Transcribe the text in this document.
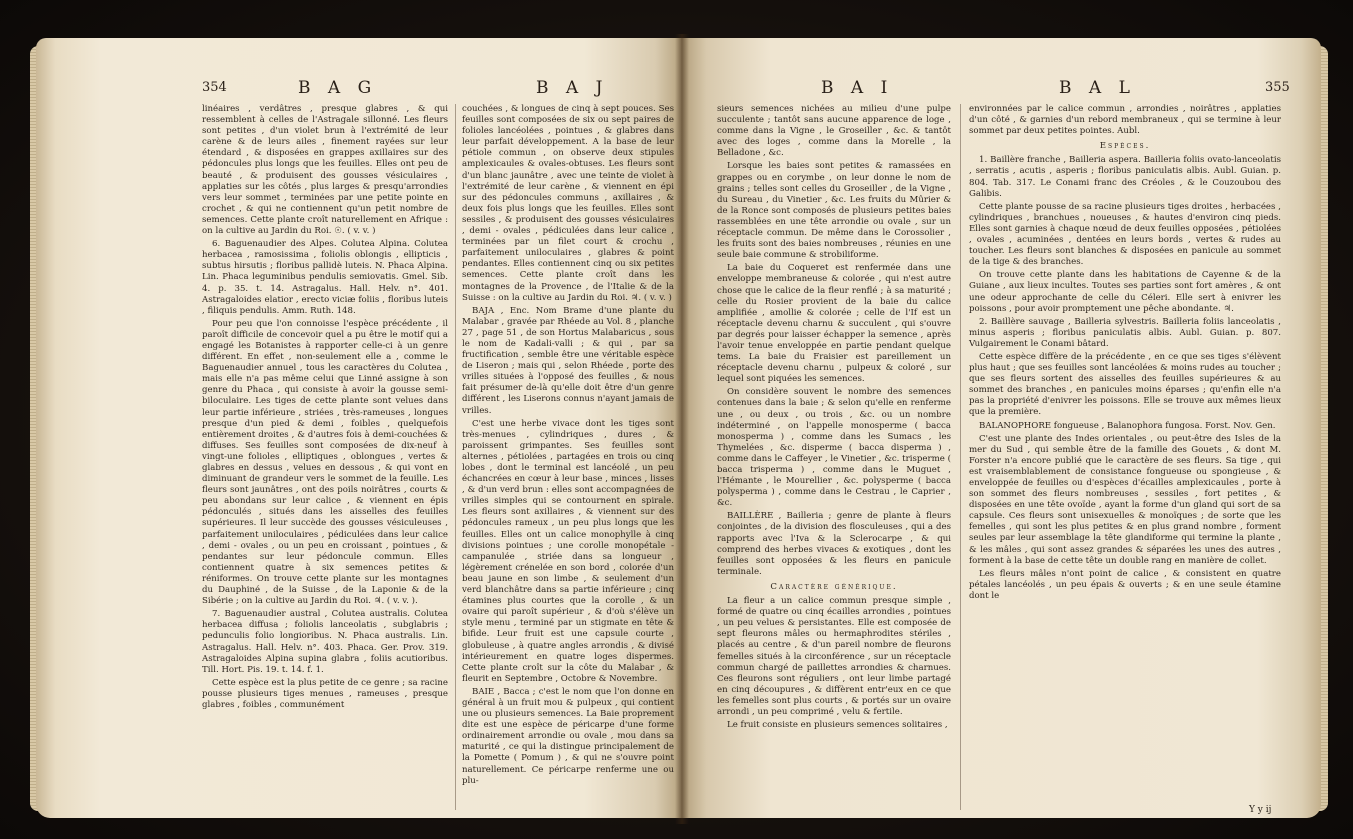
354	B A G	B A J

linéaires , verdâtres , presque glabres , & qui ressemblent à celles de l'Astragale sillonné. Les fleurs sont petites , d'un violet brun à l'extrémité de leur carène & de leurs ailes , finement rayées sur leur étendard , & disposées en grappes axillaires sur des pédoncules plus longs que les feuilles. Elles ont peu de beauté , & produisent des gousses vésiculaires , applaties sur les côtés , plus larges & presqu'arrondies vers leur sommet , terminées par une petite pointe en crochet , & qui ne contiennent qu'un petit nombre de semences. Cette plante croît naturellement en Afrique : on la cultive au Jardin du Roi. ☉. ( v. v. )

6. Baguenaudier des Alpes. Colutea Alpina. Colutea herbacea , ramosissima , foliolis oblongis , ellipticis , subtus hirsutis ; floribus pallidè luteis. N. Phaca Alpina. Lin. Phaca leguminibus pendulis semiovatis. Gmel. Sib. 4. p. 35. t. 14. Astragalus. Hall. Helv. n°. 401. Astragaloides elatior , erecto viciæ foliis , floribus luteis , filiquis pendulis. Amm. Ruth. 148.

Pour peu que l'on connoisse l'espèce précédente , il paroît difficile de concevoir quel a pu être le motif qui a engagé les Botanistes à rapporter celle-ci à un genre différent. En effet , non-seulement elle a , comme le Baguenaudier annuel , tous les caractères du Colutea , mais elle n'a pas même celui que Linné assigne à son genre du Phaca , qui consiste à avoir la gousse semi-biloculaire. Les tiges de cette plante sont velues dans leur partie inférieure , striées , très-rameuses , longues presque d'un pied & demi , foibles , quelquefois entièrement droites , & d'autres fois à demi-couchées & diffuses. Ses feuilles sont composées de dix-neuf à vingt-une folioles , elliptiques , oblongues , vertes & glabres en dessus , velues en dessous , & qui vont en diminuant de grandeur vers le sommet de la feuille. Les fleurs sont jaunâtres , ont des poils noirâtres , courts & peu abondans sur leur calice , & viennent en épis pédonculés , situés dans les aisselles des feuilles supérieures. Il leur succède des gousses vésiculeuses , parfaitement uniloculaires , pédiculées dans leur calice , demi - ovales , ou un peu en croissant , pointues , & pendantes sur leur pédoncule commun. Elles contiennent quatre à six semences petites & réniformes. On trouve cette plante sur les montagnes du Dauphiné , de la Suisse , de la Laponie & de la Sibérie ; on la cultive au Jardin du Roi. ♃. ( v. v. ).

7. Baguenaudier austral , Colutea australis. Colutea herbacea diffusa ; foliolis lanceolatis , subglabris ; pedunculis folio longioribus. N. Phaca australis. Lin. Astragalus. Hall. Helv. n°. 403. Phaca. Ger. Prov. 319. Astragaloides Alpina supina glabra , foliis acutioribus. Till. Hort. Pis. 19. t. 14. f. 1.

Cette espèce est la plus petite de ce genre ; sa racine pousse plusieurs tiges menues , rameuses , presque glabres , foibles , communément

couchées , & longues de cinq à sept pouces. Ses feuilles sont composées de six ou sept paires de folioles lancéolées , pointues , & glabres dans leur parfait développement. A la base de leur pétiole commun , on observe deux stipules amplexicaules & ovales-obtuses. Les fleurs sont d'un blanc jaunâtre , avec une teinte de violet à l'extrémité de leur carène , & viennent en épi sur des pédoncules communs , axillaires , & deux fois plus longs que les feuilles. Elles sont sessiles , & produisent des gousses vésiculaires , demi - ovales , pédiculées dans leur calice , terminées par un filet court & crochu , parfaitement uniloculaires , glabres & point pendantes. Elles contiennent cinq ou six petites semences. Cette plante croît dans les montagnes de la Provence , de l'Italie & de la Suisse : on la cultive au Jardin du Roi. ♃. ( v. v. )

BAJA , Enc. Nom Brame d'une plante du Malabar , gravée par Rhéede au Vol. 8 , planche 27 , page 51 , de son Hortus Malabaricus , sous le nom de Kadali-valli ; & qui , par sa fructification , semble être une véritable espèce de Liseron ; mais qui , selon Rhéede , porte des vrilles situées à l'opposé des feuilles , & nous fait présumer de-là qu'elle doit être d'un genre différent , les Liserons connus n'ayant jamais de vrilles.

C'est une herbe vivace dont les tiges sont très-menues , cylindriques , dures , & paroissent grimpantes. Ses feuilles sont alternes , pétiolées , partagées en trois ou cinq lobes , dont le terminal est lancéolé , un peu échancrées en cœur à leur base , minces , lisses , & d'un verd brun : elles sont accompagnées de vrilles simples qui se contournent en spirale. Les fleurs sont axillaires , & viennent sur des pédoncules rameux , un peu plus longs que les feuilles. Elles ont un calice monophylle à cinq divisions pointues ; une corolle monopétale - campanulée , striée dans sa longueur , légèrement crénelée en son bord , colorée d'un beau jaune en son limbe , & seulement d'un verd blanchâtre dans sa partie inférieure ; cinq étamines plus courtes que la corolle , & un ovaire qui paroît supérieur , & d'où s'élève un style menu , terminé par un stigmate en tête & bifide. Leur fruit est une capsule courte , globuleuse , à quatre angles arrondis , & divisé intérieurement en quatre loges dispermes. Cette plante croît sur la côte du Malabar , & fleurit en Septembre , Octobre & Novembre.

BAIE , Bacca ; c'est le nom que l'on donne en général à un fruit mou & pulpeux , qui contient une ou plusieurs semences. La Baie proprement dite est une espèce de péricarpe d'une forme ordinairement arrondie ou ovale , mou dans sa maturité , ce qui la distingue principalement de la Pomette ( Pomum ) , & qui ne s'ouvre point naturellement. Ce péricarpe renferme une ou plu-

B A I	B A L	355

sieurs semences nichées au milieu d'une pulpe succulente ; tantôt sans aucune apparence de loge , comme dans la Vigne , le Groseiller , &c. & tantôt avec des loges , comme dans la Morelle , la Belladone , &c.

Lorsque les baies sont petites & ramassées en grappes ou en corymbe , on leur donne le nom de grains ; telles sont celles du Groseiller , de la Vigne , du Sureau , du Vinetier , &c. Les fruits du Mûrier & de la Ronce sont composés de plusieurs petites baies rassemblées en une tête arrondie ou ovale , sur un réceptacle commun. De même dans le Corossolier , les fruits sont des baies nombreuses , réunies en une seule baie commune & strobiliforme.

La baie du Coqueret est renfermée dans une enveloppe membraneuse & colorée , qui n'est autre chose que le calice de la fleur renflé ; à sa maturité ; celle du Rosier provient de la baie du calice amplifiée , amollie & colorée ; celle de l'If est un réceptacle devenu charnu & succulent , qui s'ouvre par degrés pour laisser échapper la semence , après l'avoir tenue enveloppée en partie pendant quelque tems. La baie du Fraisier est pareillement un réceptacle devenu charnu , pulpeux & coloré , sur lequel sont piquées les semences.

On considère souvent le nombre des semences contenues dans la baie ; & selon qu'elle en renferme une , ou deux , ou trois , &c. ou un nombre indéterminé , on l'appelle monosperme ( bacca monosperma ) , comme dans les Sumacs , les Thymelées , &c. disperme ( bacca disperma ) , comme dans le Caffeyer , le Vinetier , &c. trisperme ( bacca trisperma ) , comme dans le Muguet , l'Hémante , le Mourellier , &c. polysperme ( bacca polysperma ) , comme dans le Cestrau , le Caprier , &c.

BAILLÈRE , Bailleria ; genre de plante à fleurs conjointes , de la division des flosculeuses , qui a des rapports avec l'Iva & la Sclerocarpe , & qui comprend des herbes vivaces & exotiques , dont les feuilles sont opposées & les fleurs en panicule terminale.

Caractère générique.

La fleur a un calice commun presque simple , formé de quatre ou cinq écailles arrondies , pointues , un peu velues & persistantes. Elle est composée de sept fleurons mâles ou hermaphrodites stériles , placés au centre , & d'un pareil nombre de fleurons femelles situés à la circonférence , sur un réceptacle commun chargé de paillettes arrondies & charnues. Ces fleurons sont réguliers , ont leur limbe partagé en cinq découpures , & diffèrent entr'eux en ce que les femelles sont plus courts , & portés sur un ovaire arrondi , un peu comprimé , velu & fertile.

Le fruit consiste en plusieurs semences solitaires ,

environnées par le calice commun , arrondies , noirâtres , applaties d'un côté , & garnies d'un rebord membraneux , qui se termine à leur sommet par deux petites pointes. Aubl.

Espèces.

1. Baillère franche , Bailleria aspera. Bailleria foliis ovato-lanceolatis , serratis , acutis , asperis ; floribus paniculatis albis. Aubl. Guian. p. 804. Tab. 317. Le Conami franc des Créoles , & le Couzoubou des Galibis.

Cette plante pousse de sa racine plusieurs tiges droites , herbacées , cylindriques , branchues , noueuses , & hautes d'environ cinq pieds. Elles sont garnies à chaque nœud de deux feuilles opposées , pétiolées , ovales , acuminées , dentées en leurs bords , vertes & rudes au toucher. Les fleurs sont blanches & disposées en panicule au sommet de la tige & des branches.

On trouve cette plante dans les habitations de Cayenne & de la Guiane , aux lieux incultes. Toutes ses parties sont fort amères , & ont une odeur approchante de celle du Céleri. Elle sert à enivrer les poissons , pour avoir promptement une pêche abondante. ♃.

2. Baillère sauvage , Bailleria sylvestris. Bailleria foliis lanceolatis , minus asperis ; floribus paniculatis albis. Aubl. Guian. p. 807. Vulgairement le Conami bâtard.

Cette espèce diffère de la précédente , en ce que ses tiges s'élèvent plus haut ; que ses feuilles sont lancéolées & moins rudes au toucher ; que ses fleurs sortent des aisselles des feuilles supérieures & au sommet des branches , en panicules moins éparses ; qu'enfin elle n'a pas la propriété d'enivrer les poissons. Elle se trouve aux mêmes lieux que la première.

BALANOPHORE fongueuse , Balanophora fungosa. Forst. Nov. Gen.

C'est une plante des Indes orientales , ou peut-être des Isles de la mer du Sud , qui semble être de la famille des Gouets , & dont M. Forster n'a encore publié que le caractère de ses fleurs. Sa tige , qui est vraisemblablement de consistance fongueuse ou spongieuse , & enveloppée de feuilles ou d'espèces d'écailles amplexicaules , porte à son sommet des fleurs nombreuses , sessiles , fort petites , & disposées en une tête ovoïde , ayant la forme d'un gland qui sort de sa capsule. Ces fleurs sont unisexuelles & monoïques ; de sorte que les femelles , qui sont les plus petites & en plus grand nombre , forment seules par leur assemblage la tête glandiforme qui termine la plante , & les mâles , qui sont assez grandes & séparées les unes des autres , forment à la base de cette tête un double rang en manière de collet.

Les fleurs mâles n'ont point de calice , & consistent en quatre pétales lancéolés , un peu épais & ouverts ; & en une seule étamine dont le

Y y ij
